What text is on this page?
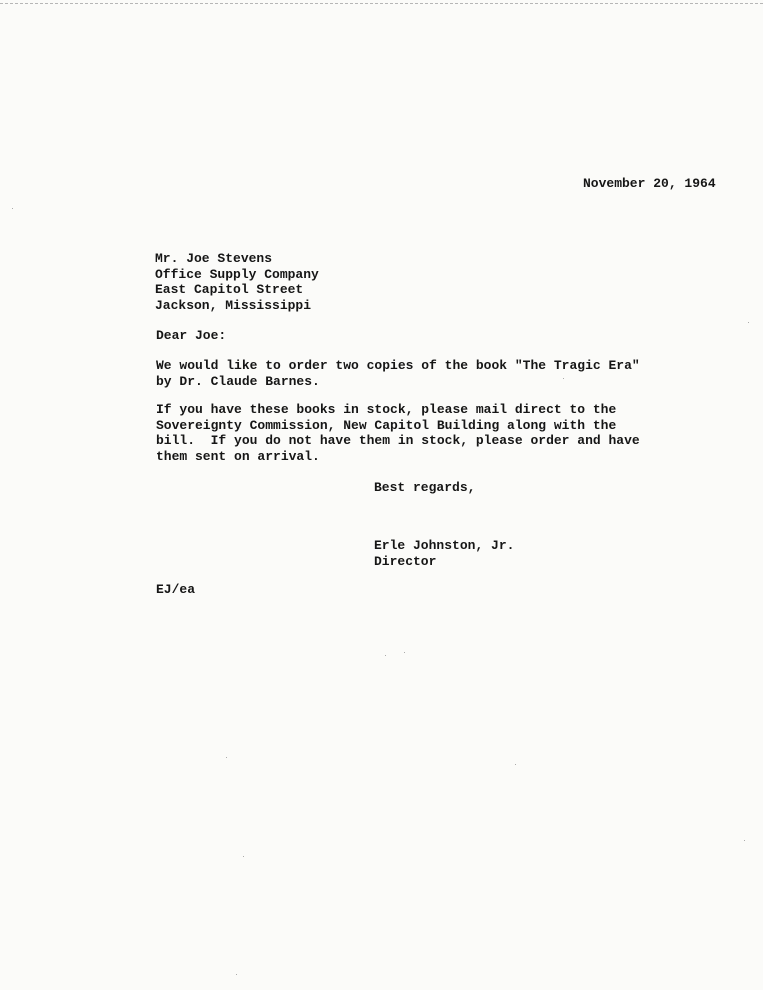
November 20, 1964
Mr. Joe Stevens
Office Supply Company
East Capitol Street
Jackson, Mississippi
Dear Joe:
We would like to order two copies of the book "The Tragic Era"
by Dr. Claude Barnes.
If you have these books in stock, please mail direct to the
Sovereignty Commission, New Capitol Building along with the
bill.  If you do not have them in stock, please order and have
them sent on arrival.
Best regards,
Erle Johnston, Jr.
Director
EJ/ea
